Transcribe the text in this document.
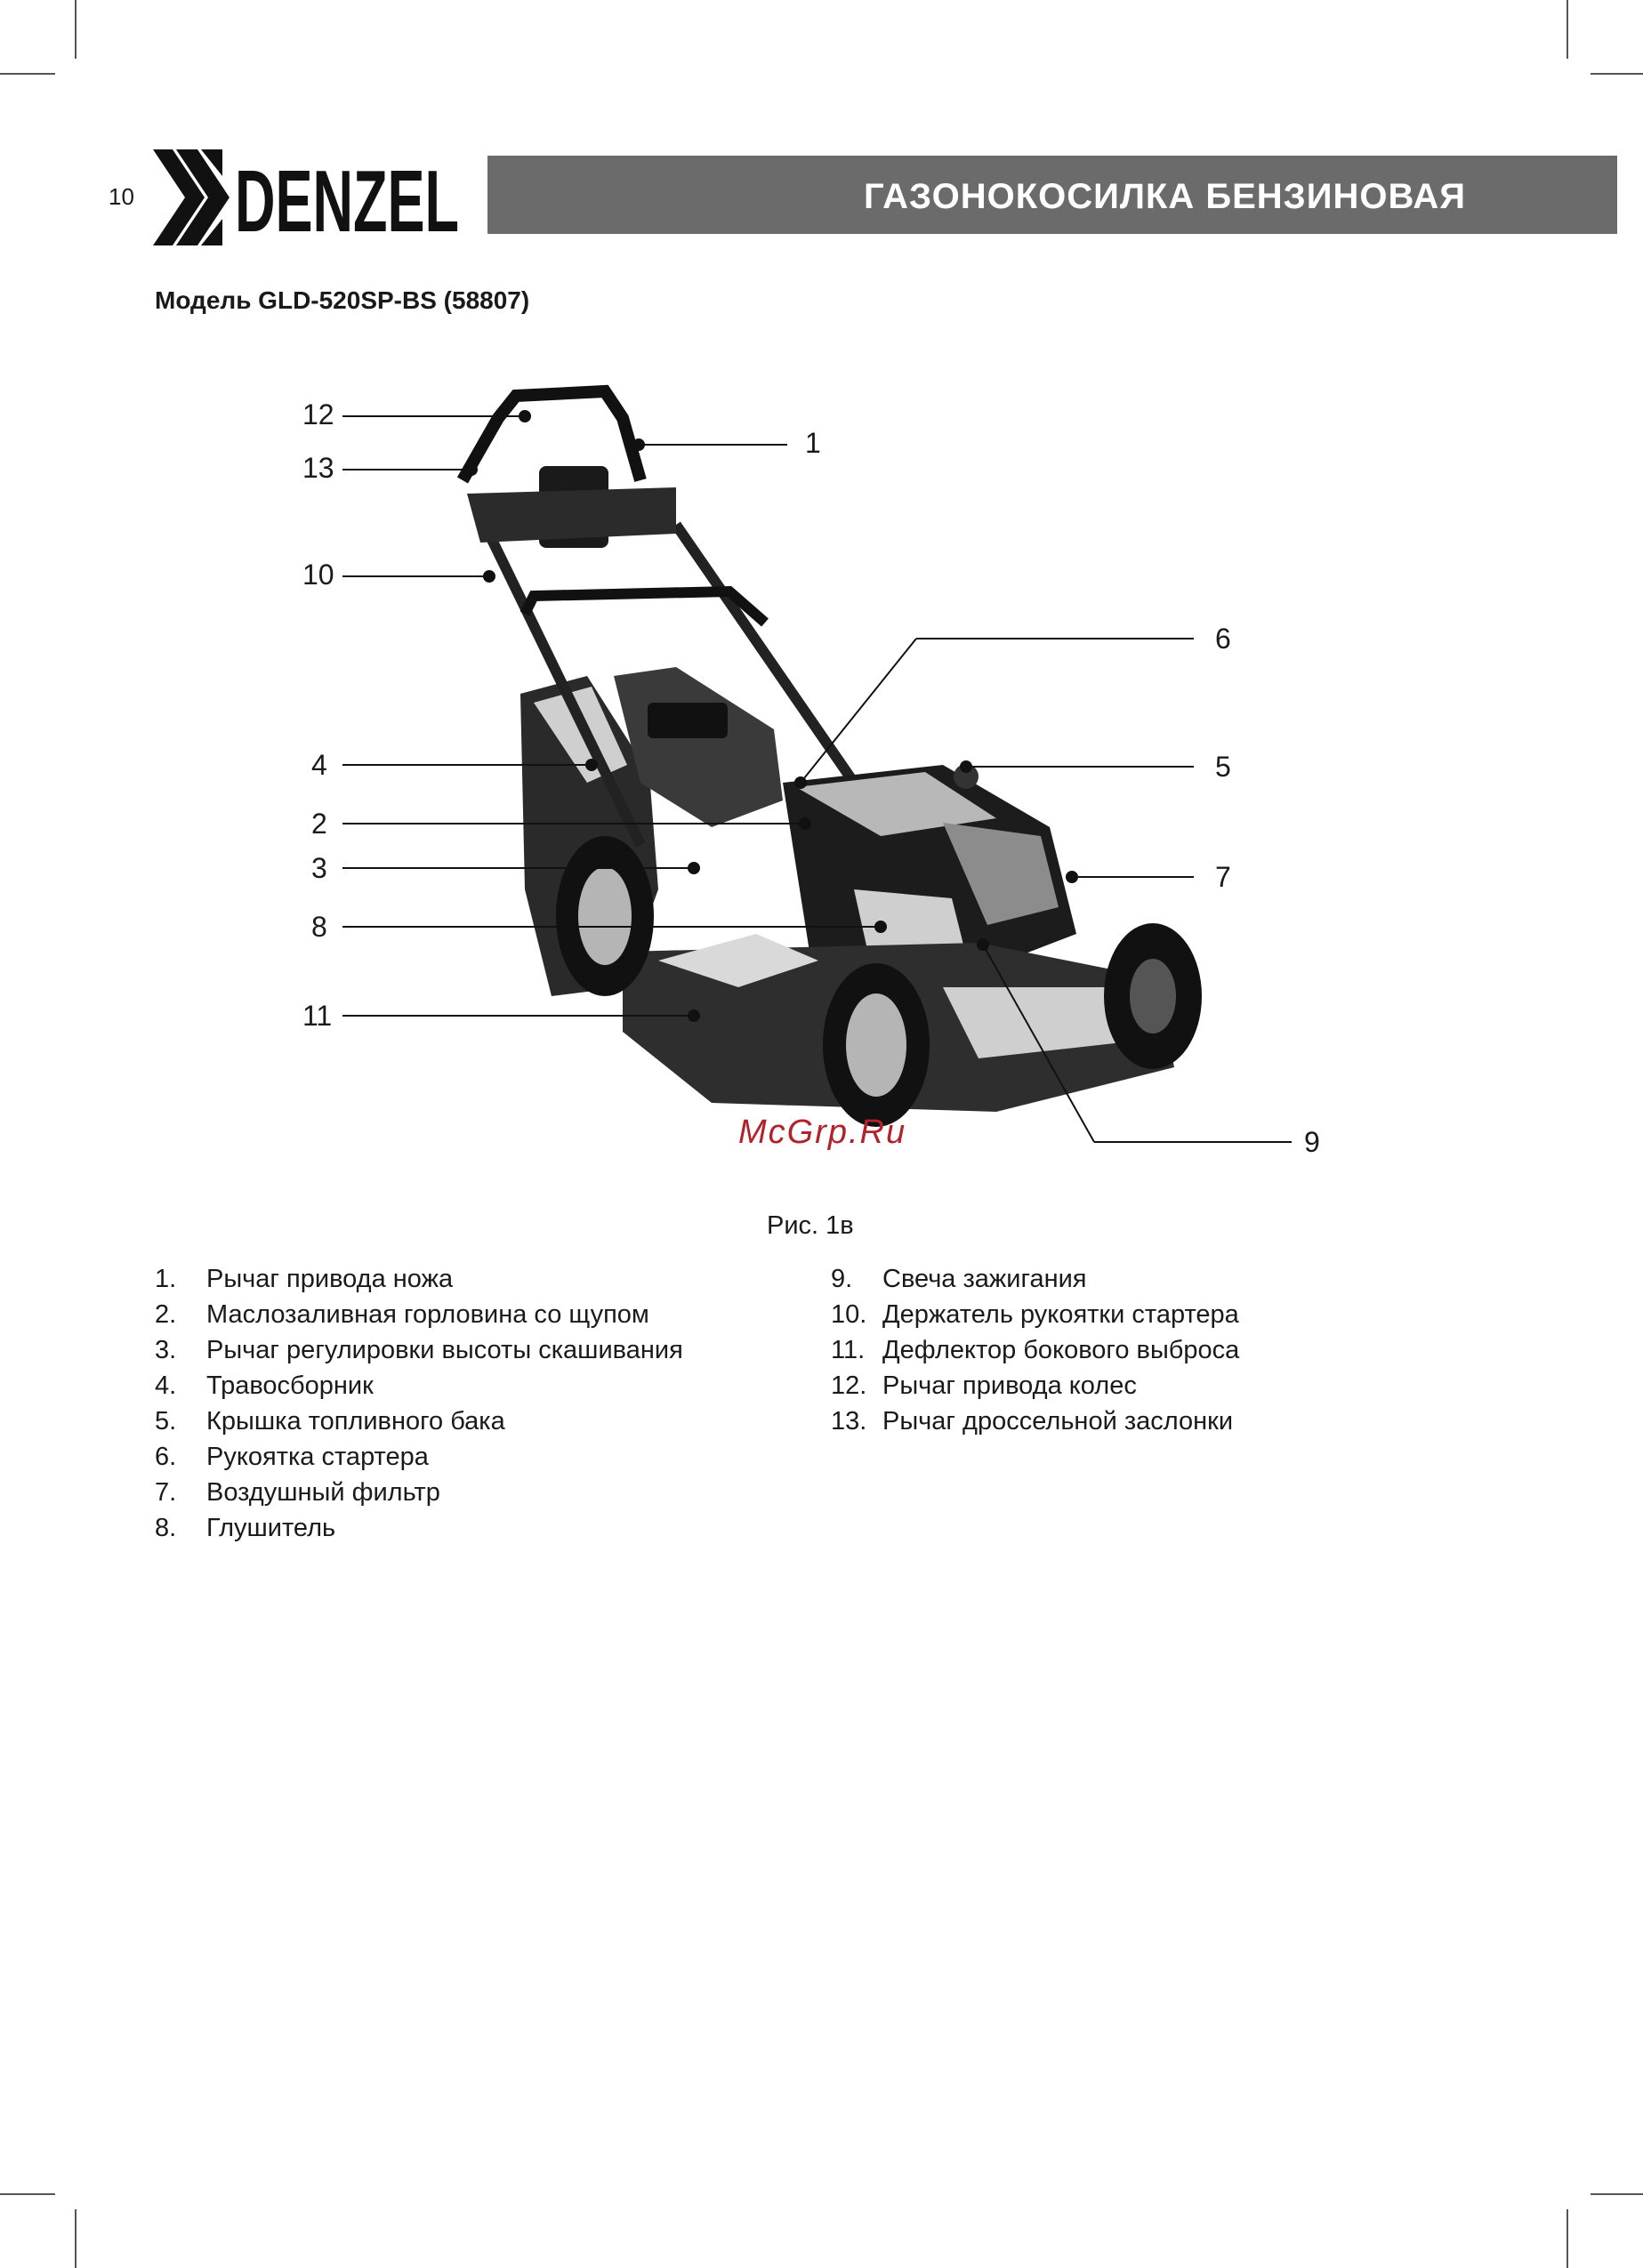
10 DENZEL	ГАЗОНОКОСИЛКА БЕНЗИНОВАЯ
Модель GLD-520SP-BS (58807)
12
13
10
1
6
4	5
2
3	7
8
11
9
McGrp.Ru
Рис. 1в
1. Рычаг привода ножа
2. Маслозаливная горловина со щупом
3. Рычаг регулировки высоты скашивания
4. Травосборник
5. Крышка топливного бака
6. Рукоятка стартера
7. Воздушный фильтр
8. Глушитель
9. Свеча зажигания
10. Держатель рукоятки стартера
11. Дефлектор бокового выброса
12. Рычаг привода колес
13. Рычаг дроссельной заслонки
